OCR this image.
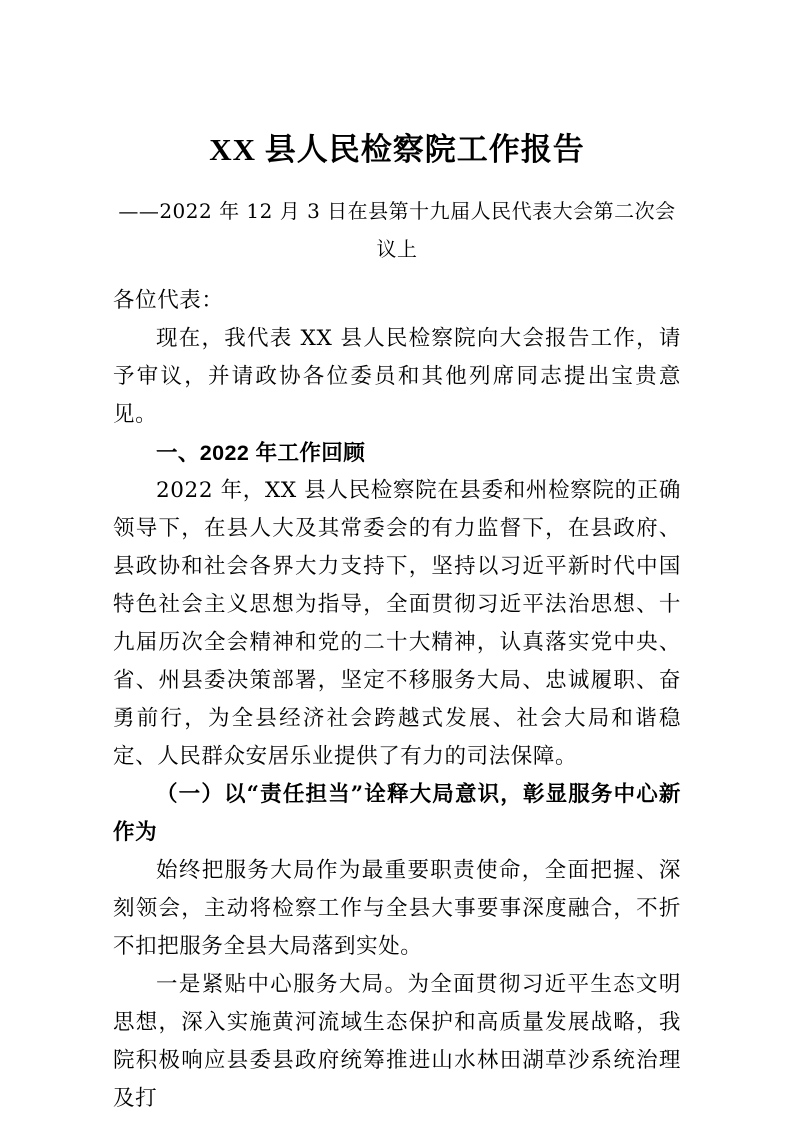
XX 县人民检察院工作报告

——2022 年 12 月 3 日在县第十九届人民代表大会第二次会议上

各位代表：

现在，我代表 XX 县人民检察院向大会报告工作，请予审议，并请政协各位委员和其他列席同志提出宝贵意见。

一、2022 年工作回顾

2022 年，XX 县人民检察院在县委和州检察院的正确领导下，在县人大及其常委会的有力监督下，在县政府、县政协和社会各界大力支持下，坚持以习近平新时代中国特色社会主义思想为指导，全面贯彻习近平法治思想、十九届历次全会精神和党的二十大精神，认真落实党中央、省、州县委决策部署，坚定不移服务大局、忠诚履职、奋勇前行，为全县经济社会跨越式发展、社会大局和谐稳定、人民群众安居乐业提供了有力的司法保障。

（一）以“责任担当”诠释大局意识，彰显服务中心新作为

始终把服务大局作为最重要职责使命，全面把握、深刻领会，主动将检察工作与全县大事要事深度融合，不折不扣把服务全县大局落到实处。

一是紧贴中心服务大局。为全面贯彻习近平生态文明思想，深入实施黄河流域生态保护和高质量发展战略，我院积极响应县委县政府统筹推进山水林田湖草沙系统治理及打
